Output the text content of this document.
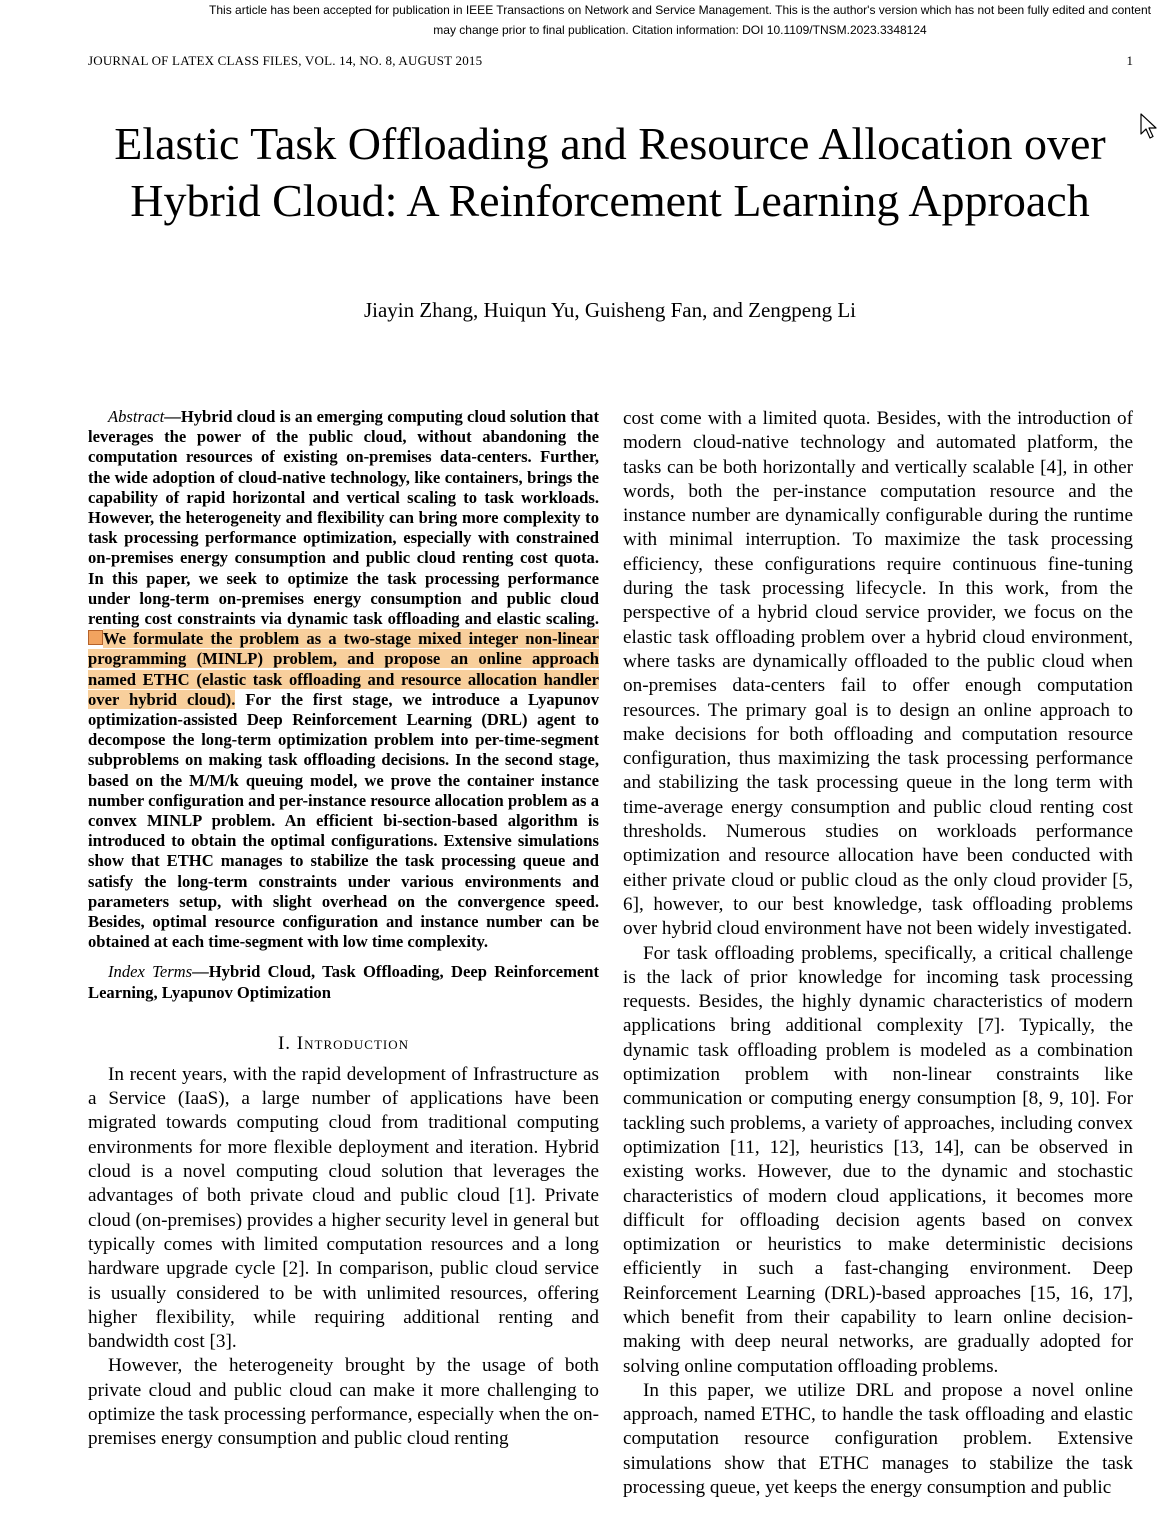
This article has been accepted for publication in IEEE Transactions on Network and Service Management. This is the author's version which has not been fully edited and content may change prior to final publication. Citation information: DOI 10.1109/TNSM.2023.3348124
JOURNAL OF LATEX CLASS FILES, VOL. 14, NO. 8, AUGUST 2015	1
Elastic Task Offloading and Resource Allocation over Hybrid Cloud: A Reinforcement Learning Approach
Jiayin Zhang, Huiqun Yu, Guisheng Fan, and Zengpeng Li

Abstract—Hybrid cloud is an emerging computing cloud solution that leverages the power of the public cloud, without abandoning the computation resources of existing on-premises data-centers. Further, the wide adoption of cloud-native technology, like containers, brings the capability of rapid horizontal and vertical scaling to task workloads. However, the heterogeneity and flexibility can bring more complexity to task processing performance optimization, especially with constrained on-premises energy consumption and public cloud renting cost quota. In this paper, we seek to optimize the task processing performance under long-term on-premises energy consumption and public cloud renting cost constraints via dynamic task offloading and elastic scaling. We formulate the problem as a two-stage mixed integer non-linear programming (MINLP) problem, and propose an online approach named ETHC (elastic task offloading and resource allocation handler over hybrid cloud). For the first stage, we introduce a Lyapunov optimization-assisted Deep Reinforcement Learning (DRL) agent to decompose the long-term optimization problem into per-time-segment subproblems on making task offloading decisions. In the second stage, based on the M/M/k queuing model, we prove the container instance number configuration and per-instance resource allocation problem as a convex MINLP problem. An efficient bi-section-based algorithm is introduced to obtain the optimal configurations. Extensive simulations show that ETHC manages to stabilize the task processing queue and satisfy the long-term constraints under various environments and parameters setup, with slight overhead on the convergence speed. Besides, optimal resource configuration and instance number can be obtained at each time-segment with low time complexity.

Index Terms—Hybrid Cloud, Task Offloading, Deep Reinforcement Learning, Lyapunov Optimization

I. Introduction

In recent years, with the rapid development of Infrastructure as a Service (IaaS), a large number of applications have been migrated towards computing cloud from traditional computing environments for more flexible deployment and iteration. Hybrid cloud is a novel computing cloud solution that leverages the advantages of both private cloud and public cloud [1]. Private cloud (on-premises) provides a higher security level in general but typically comes with limited computation resources and a long hardware upgrade cycle [2]. In comparison, public cloud service is usually considered to be with unlimited resources, offering higher flexibility, while requiring additional renting and bandwidth cost [3].

However, the heterogeneity brought by the usage of both private cloud and public cloud can make it more challenging to optimize the task processing performance, especially when the on-premises energy consumption and public cloud renting

cost come with a limited quota. Besides, with the introduction of modern cloud-native technology and automated platform, the tasks can be both horizontally and vertically scalable [4], in other words, both the per-instance computation resource and the instance number are dynamically configurable during the runtime with minimal interruption. To maximize the task processing efficiency, these configurations require continuous fine-tuning during the task processing lifecycle. In this work, from the perspective of a hybrid cloud service provider, we focus on the elastic task offloading problem over a hybrid cloud environment, where tasks are dynamically offloaded to the public cloud when on-premises data-centers fail to offer enough computation resources. The primary goal is to design an online approach to make decisions for both offloading and computation resource configuration, thus maximizing the task processing performance and stabilizing the task processing queue in the long term with time-average energy consumption and public cloud renting cost thresholds. Numerous studies on workloads performance optimization and resource allocation have been conducted with either private cloud or public cloud as the only cloud provider [5, 6], however, to our best knowledge, task offloading problems over hybrid cloud environment have not been widely investigated.

For task offloading problems, specifically, a critical challenge is the lack of prior knowledge for incoming task processing requests. Besides, the highly dynamic characteristics of modern applications bring additional complexity [7]. Typically, the dynamic task offloading problem is modeled as a combination optimization problem with non-linear constraints like communication or computing energy consumption [8, 9, 10]. For tackling such problems, a variety of approaches, including convex optimization [11, 12], heuristics [13, 14], can be observed in existing works. However, due to the dynamic and stochastic characteristics of modern cloud applications, it becomes more difficult for offloading decision agents based on convex optimization or heuristics to make deterministic decisions efficiently in such a fast-changing environment. Deep Reinforcement Learning (DRL)-based approaches [15, 16, 17], which benefit from their capability to learn online decision-making with deep neural networks, are gradually adopted for solving online computation offloading problems.

In this paper, we utilize DRL and propose a novel online approach, named ETHC, to handle the task offloading and elastic computation resource configuration problem. Extensive simulations show that ETHC manages to stabilize the task processing queue, yet keeps the energy consumption and public
